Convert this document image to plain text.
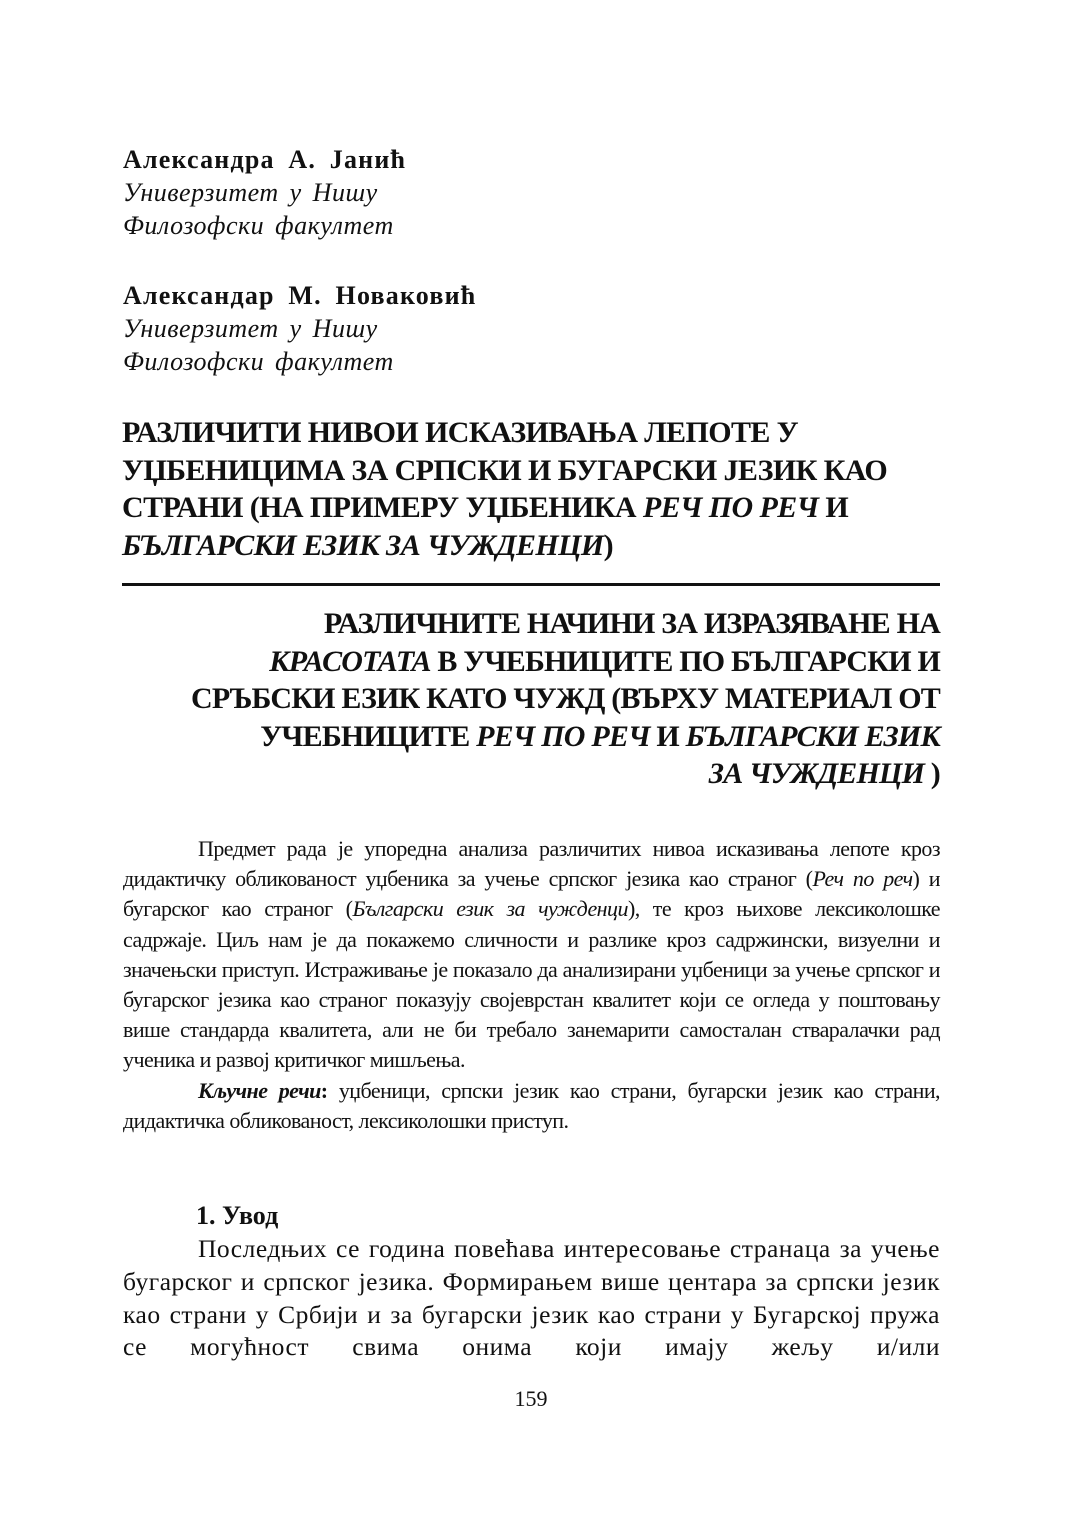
Александра А. Јанић
Универзитет у Нишу
Филозофски факултет
Александар М. Новаковић
Универзитет у Нишу
Филозофски факултет
РАЗЛИЧИТИ НИВОИ ИСКАЗИВАЊА ЛЕПОТЕ У УЏБЕНИЦИМА ЗА СРПСКИ И БУГАРСКИ ЈЕЗИК КАО СТРАНИ (НА ПРИМЕРУ УЏБЕНИКА РЕЧ ПО РЕЧ И БЪЛГАРСКИ ЕЗИК ЗА ЧУЖДЕНЦИ)
РАЗЛИЧНИТЕ НАЧИНИ ЗА ИЗРАЗЯВАНЕ НА
КРАСОТАТА В УЧЕБНИЦИТЕ ПО БЪЛГАРСКИ И СРЪБСКИ ЕЗИК КАТО ЧУЖД (ВЪРХУ МАТЕРИАЛ ОТ УЧЕБНИЦИТЕ РЕЧ ПО РЕЧ И БЪЛГАРСКИ ЕЗИК
ЗА ЧУЖДЕНЦИ )

Предмет рада је упоредна анализа различитих нивоа исказивања лепоте кроз дидактичку обликованост уџбеника за учење српског језика као страног (Реч по реч) и бугарског као страног (Български език за чужденци), те кроз њихове лексиколошке садржаје. Циљ нам је да покажемо сличности и разлике кроз садржински, визуелни и значењски приступ. Истраживање је показало да анализирани уџбеници за учење српског и бугарског језика као страног показују својеврстан квалитет који се огледа у поштовању више стандарда квалитета, али не би требало занемарити самосталан стваралачки рад ученика и развој критичког мишљења.

Кључне речи: уџбеници, српски језик као страни, бугарски језик као страни, дидактичка обликованост, лексиколошки приступ.

1. Увод

Последњих се година повећава интересовање странаца за учење бугарског и српског језика. Формирањем више центара за српски језик као страни у Србији и за бугарски језик као страни у Бугарској пружа се могућност свима онима који имају жељу и/или

159
